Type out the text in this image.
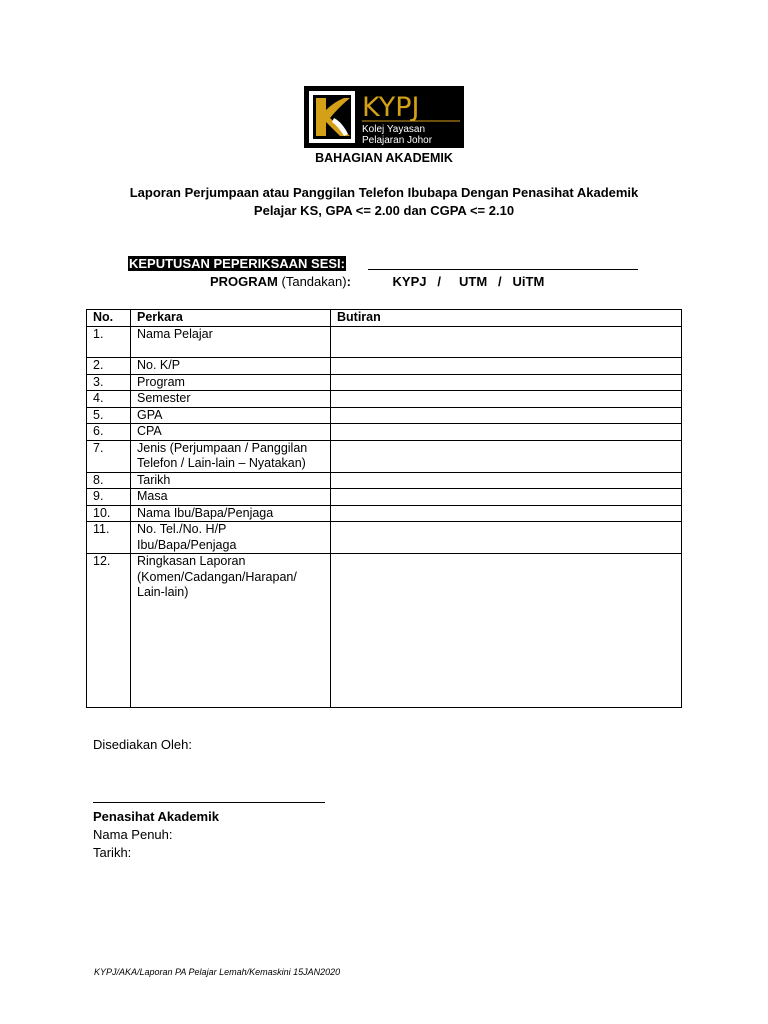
KYPJ
Kolej Yayasan
Pelajaran Johor
BAHAGIAN AKADEMIK
Laporan Perjumpaan atau Panggilan Telefon Ibubapa Dengan Penasihat Akademik
Pelajar KS, GPA <= 2.00 dan CGPA <= 2.10
KEPUTUSAN PEPERIKSAAN SESI:
PROGRAM (Tandakan):	KYPJ / UTM / UiTM
No.	Perkara	Butiran
1.	Nama Pelajar	
2.	No. K/P	
3.	Program	
4.	Semester	
5.	GPA	
6.	CPA	
7.	Jenis (Perjumpaan / Panggilan Telefon / Lain-lain – Nyatakan)	
8.	Tarikh	
9.	Masa	
10.	Nama Ibu/Bapa/Penjaga	
11.	No. Tel./No. H/P Ibu/Bapa/Penjaga	
12.	Ringkasan Laporan (Komen/Cadangan/Harapan/ Lain-lain)	
Disediakan Oleh:
Penasihat Akademik
Nama Penuh:
Tarikh:
KYPJ/AKA/Laporan PA Pelajar Lemah/Kemaskini 15JAN2020
